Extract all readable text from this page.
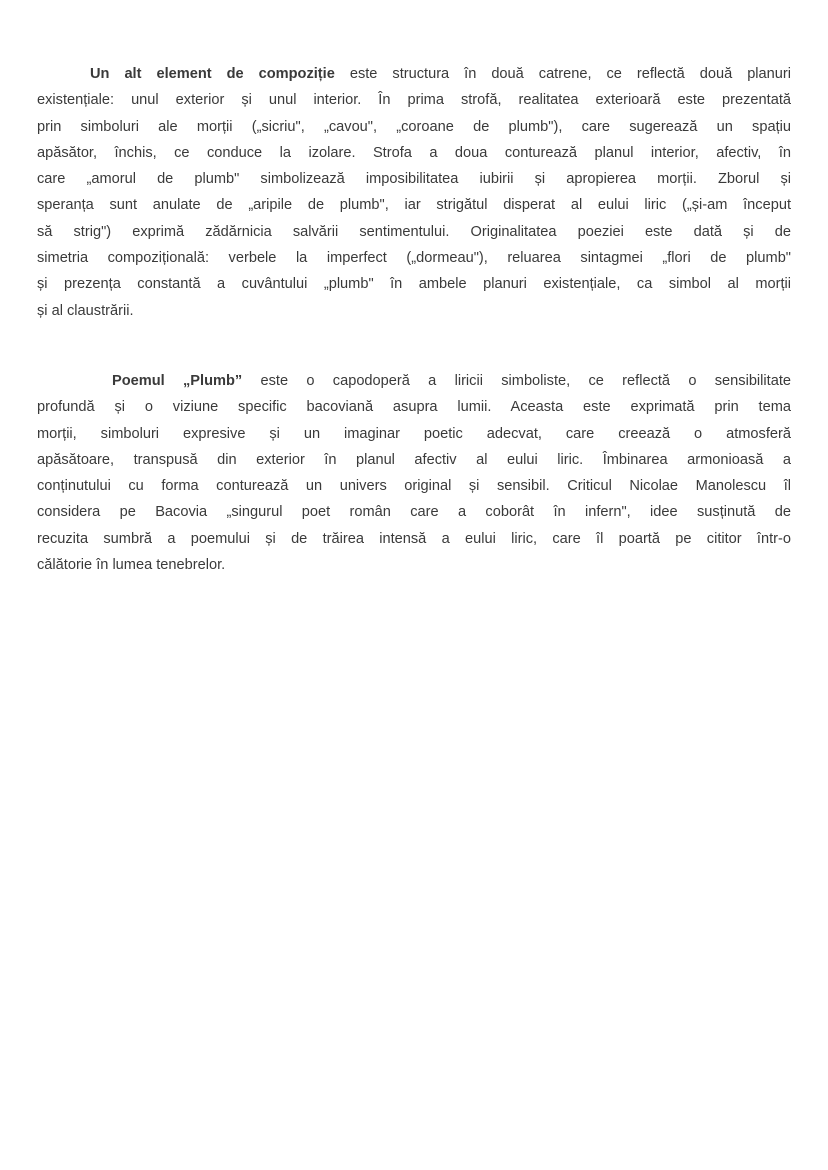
Un alt element de compoziție este structura în două catrene, ce reflectă două planuri
existențiale: unul exterior și unul interior. În prima strofă, realitatea exterioară este prezentată
prin simboluri ale morții („sicriu", „cavou", „coroane de plumb"), care sugerează un spațiu
apăsător, închis, ce conduce la izolare. Strofa a doua conturează planul interior, afectiv, în
care „amorul de plumb" simbolizează imposibilitatea iubirii și apropierea morții. Zborul și
speranța sunt anulate de „aripile de plumb", iar strigătul disperat al eului liric („și-am început
să strig") exprimă zădărnicia salvării sentimentului. Originalitatea poeziei este dată și de
simetria compozițională: verbele la imperfect („dormeau"), reluarea sintagmei „flori de plumb"
și prezența constantă a cuvântului „plumb" în ambele planuri existențiale, ca simbol al morții
și al claustrării.
Poemul „Plumb” este o capodoperă a liricii simboliste, ce reflectă o sensibilitate
profundă și o viziune specific bacoviană asupra lumii. Aceasta este exprimată prin tema
morții, simboluri expresive și un imaginar poetic adecvat, care creează o atmosferă
apăsătoare, transpusă din exterior în planul afectiv al eului liric. Îmbinarea armonioasă a
conținutului cu forma conturează un univers original și sensibil. Criticul Nicolae Manolescu îl
considera pe Bacovia „singurul poet român care a coborât în infern", idee susținută de
recuzita sumbră a poemului și de trăirea intensă a eului liric, care îl poartă pe cititor într-o
călătorie în lumea tenebrelor.
